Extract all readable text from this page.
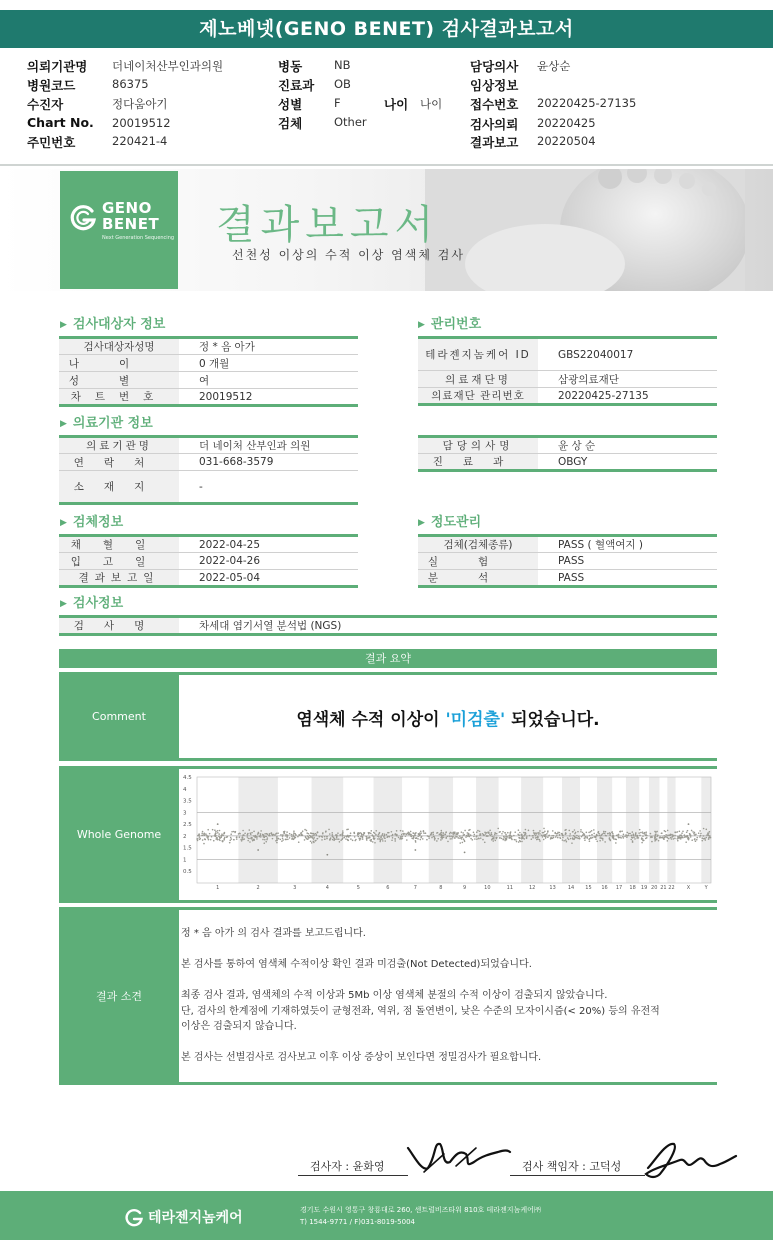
제노베넷(GENO BENET) 검사결과보고서
의뢰기관명 더네이처산부인과의원
병원코드	86375
수진자	정다움아기
Chart No. 20019512
주민번호	220421-4
병동	NB
진료과 OB
성별	F	나이 나이
검체	Other
담당의사 윤상순
임상정보
접수번호 20220425-27135
검사의뢰 20220425
결과보고 20220504
GENO
BENET
Next Generation Sequencing 결과보고서
선천성 이상의 수적 이상 염색체 검사
▶ 검사대상자 정보	▶ 관리번호
▶ 의료기관 정보
▶ 검체정보	▶ 정도관리
▶ 검사정보
검사대상자성명	정 * 음 아가
나이	0 개월
성별	여
차트번호	20019512
테라젠지놈케어 ID	GBS22040017
의료재단명	삼광의료재단
의료재단 관리번호	20220425-27135
의료기관명	더 네이처 산부인과 의원
연락처	031-668-3579
소재지	-
담당의사명	윤 상 순
진료과	OBGY
채혈일	2022-04-25
입고일	2022-04-26
결과보고일	2022-05-04
검체(검체종류)	PASS ( 혈액여지 )
실험	PASS
분석	PASS
검사명	차세대 염기서열 분석법 (NGS)
결과 요약
Comment	염색체 수적 이상이 '미검출' 되었습니다.
Whole Genome
4.5
4
3.5
3
2.5
2
1.5
1
0.5
1	2	3	4	5	6	7	8	9	10	11	12	13 14 15 16 17 18 19 20 21 22 X	Y
결과 소견

정 * 음 아가 의 검사 결과를 보고드립니다.

본 검사를 통하여 염색체 수적이상 확인 결과 미검출(Not Detected)되었습니다.

최종 검사 결과, 염색체의 수적 이상과 5Mb 이상 염색체 분절의 수적 이상이 검출되지 않았습니다.

단, 검사의 한계점에 기재하였듯이 균형전좌, 역위, 점 돌연변이, 낮은 수준의 모자이시즘(< 20%) 등의 유전적

이상은 검출되지 않습니다.

본 검사는 선별검사로 검사보고 이후 이상 증상이 보인다면 정밀검사가 필요합니다.

검사자 : 윤화영	검사 책임자 : 고덕성
테라젠지놈케어	경기도 수원시 영통구 창룡대로 260, 센트럴비즈타워 810호 테라젠지놈케어㈜
T) 1544-9771 / F)031-8019-5004
